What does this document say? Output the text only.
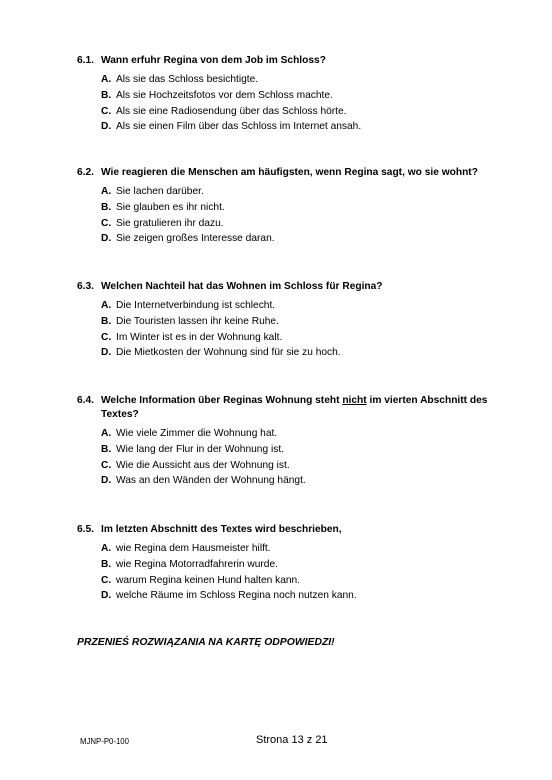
6.1. Wann erfuhr Regina von dem Job im Schloss?
A. Als sie das Schloss besichtigte.
B. Als sie Hochzeitsfotos vor dem Schloss machte.
C. Als sie eine Radiosendung über das Schloss hörte.
D. Als sie einen Film über das Schloss im Internet ansah.
6.2. Wie reagieren die Menschen am häufigsten, wenn Regina sagt, wo sie wohnt?
A. Sie lachen darüber.
B. Sie glauben es ihr nicht.
C. Sie gratulieren ihr dazu.
D. Sie zeigen großes Interesse daran.
6.3. Welchen Nachteil hat das Wohnen im Schloss für Regina?
A. Die Internetverbindung ist schlecht.
B. Die Touristen lassen ihr keine Ruhe.
C. Im Winter ist es in der Wohnung kalt.
D. Die Mietkosten der Wohnung sind für sie zu hoch.
6.4. Welche Information über Reginas Wohnung steht nicht im vierten Abschnitt des Textes?
A. Wie viele Zimmer die Wohnung hat.
B. Wie lang der Flur in der Wohnung ist.
C. Wie die Aussicht aus der Wohnung ist.
D. Was an den Wänden der Wohnung hängt.
6.5. Im letzten Abschnitt des Textes wird beschrieben,
A. wie Regina dem Hausmeister hilft.
B. wie Regina Motorradfahrerin wurde.
C. warum Regina keinen Hund halten kann.
D. welche Räume im Schloss Regina noch nutzen kann.
PRZENIEŚ ROZWIĄZANIA NA KARTĘ ODPOWIEDZI!
MJNP-P0-100	Strona 13 z 21
